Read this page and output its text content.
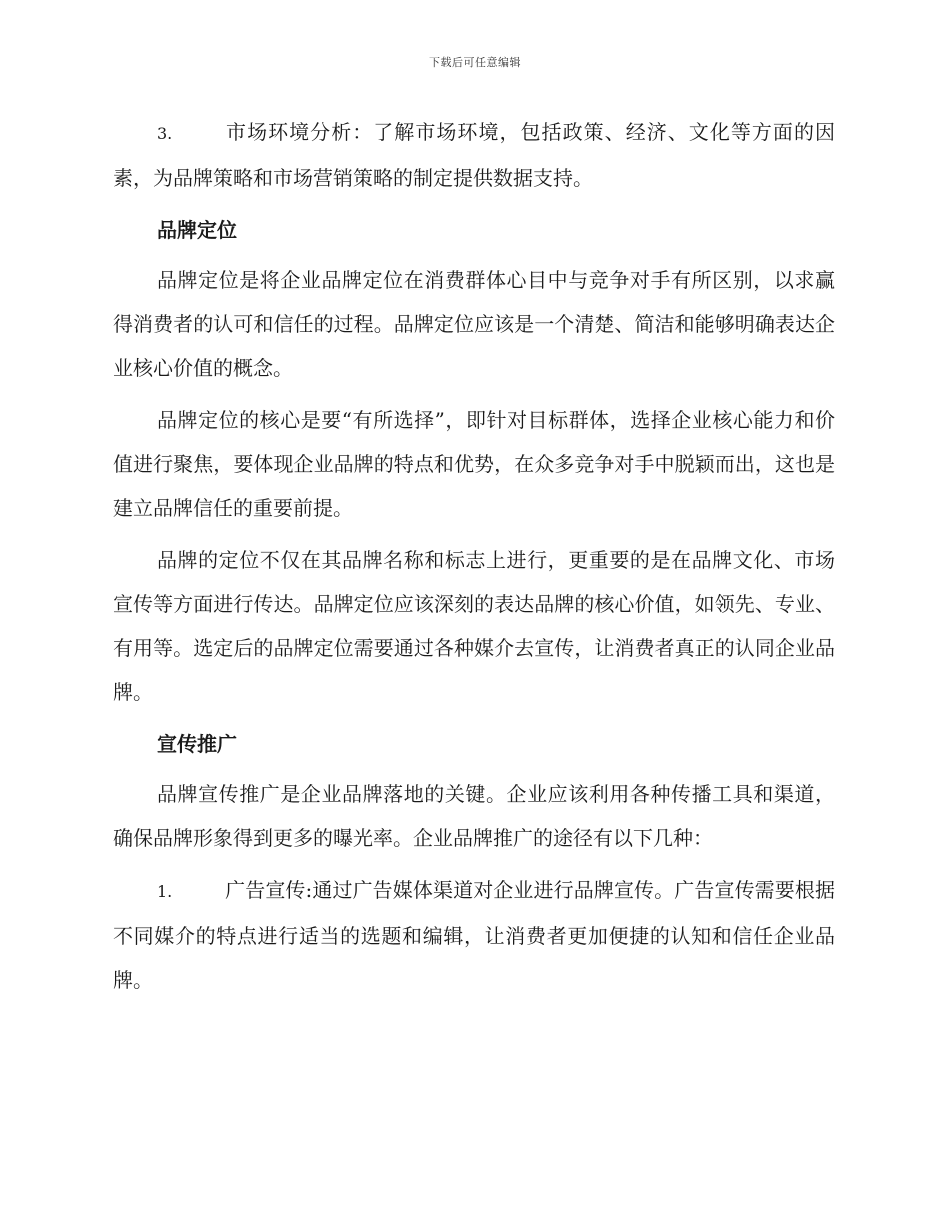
下载后可任意编辑

3.	市场环境分析：了解市场环境，包括政策、经济、文化等方面的因素，为品牌策略和市场营销策略的制定提供数据支持。

品牌定位

品牌定位是将企业品牌定位在消费群体心目中与竞争对手有所区别，以求赢得消费者的认可和信任的过程。品牌定位应该是一个清楚、简洁和能够明确表达企业核心价值的概念。

品牌定位的核心是要“有所选择”，即针对目标群体，选择企业核心能力和价值进行聚焦，要体现企业品牌的特点和优势，在众多竞争对手中脱颖而出，这也是建立品牌信任的重要前提。

品牌的定位不仅在其品牌名称和标志上进行，更重要的是在品牌文化、市场宣传等方面进行传达。品牌定位应该深刻的表达品牌的核心价值，如领先、专业、有用等。选定后的品牌定位需要通过各种媒介去宣传，让消费者真正的认同企业品牌。

宣传推广

品牌宣传推广是企业品牌落地的关键。企业应该利用各种传播工具和渠道，确保品牌形象得到更多的曝光率。企业品牌推广的途径有以下几种：

1.	广告宣传:通过广告媒体渠道对企业进行品牌宣传。广告宣传需要根据不同媒介的特点进行适当的选题和编辑，让消费者更加便捷的认知和信任企业品牌。
